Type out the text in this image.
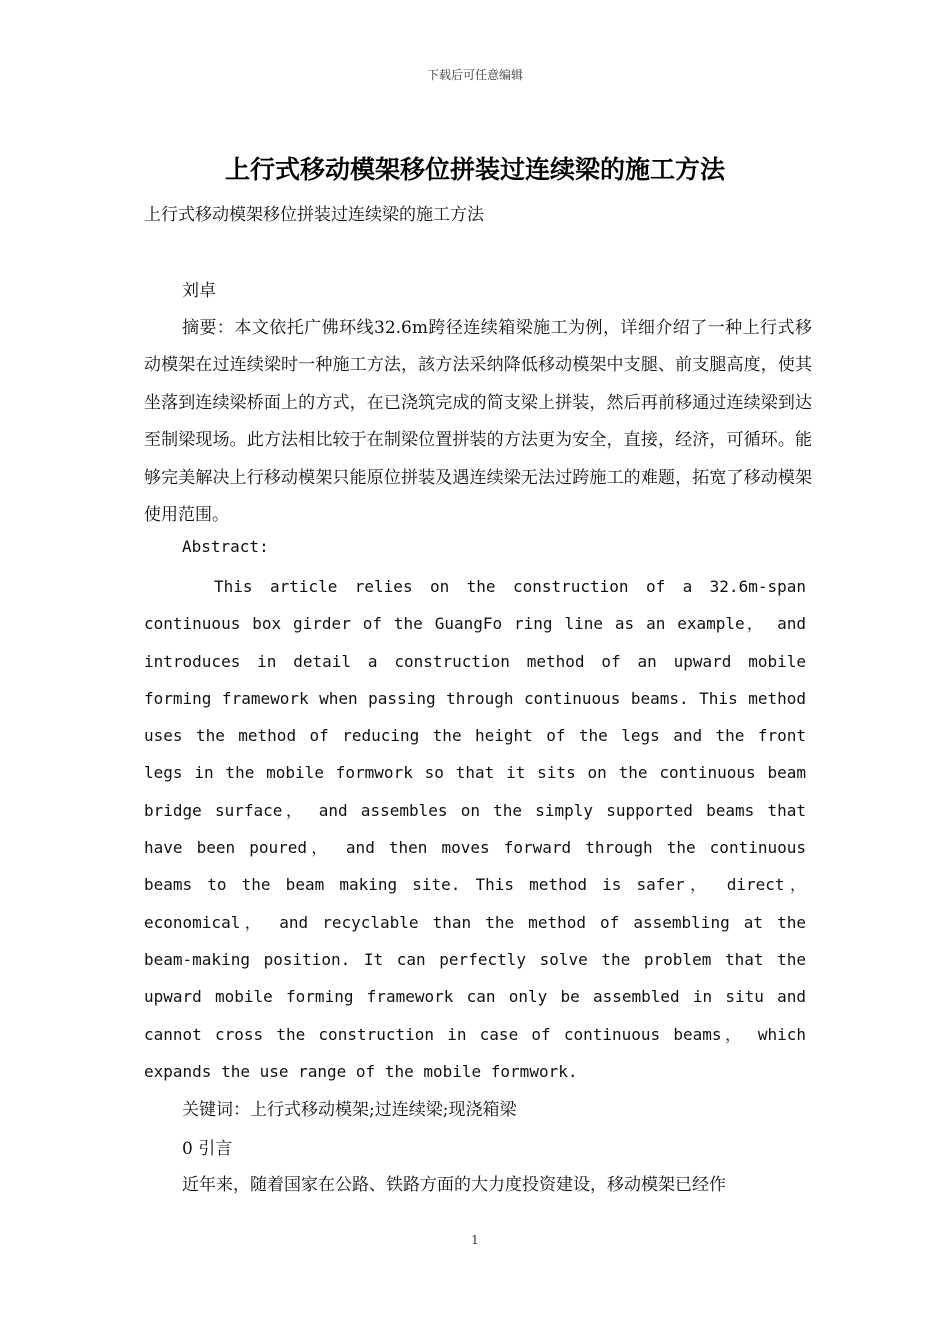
下载后可任意编辑
上行式移动模架移位拼装过连续梁的施工方法
上行式移动模架移位拼装过连续梁的施工方法
刘卓
摘要：本文依托广佛环线32.6m跨径连续箱梁施工为例，详细介绍了一种上行式移动模架在过连续梁时一种施工方法，該方法采纳降低移动模架中支腿、前支腿高度，使其坐落到连续梁桥面上的方式，在已浇筑完成的简支梁上拼装，然后再前移通过连续梁到达至制梁现场。此方法相比较于在制梁位置拼装的方法更为安全，直接，经济，可循环。能够完美解决上行移动模架只能原位拼装及遇连续梁无法过跨施工的难题，拓宽了移动模架使用范围。
Abstract:
This article relies on the construction of a 32.6m-span continuous box girder of the GuangFo ring line as an example， and introduces in detail a construction method of an upward mobile forming framework when passing through continuous beams. This method uses the method of reducing the height of the legs and the front legs in the mobile formwork so that it sits on the continuous beam bridge surface， and assembles on the simply supported beams that have been poured， and then moves forward through the continuous beams to the beam making site. This method is safer， direct， economical， and recyclable than the method of assembling at the beam-making position. It can perfectly solve the problem that the upward mobile forming framework can only be assembled in situ and cannot cross the construction in case of continuous beams， which expands the use range of the mobile formwork.
关键词：上行式移动模架;过连续梁;现浇箱梁
0 引言
近年来，随着国家在公路、铁路方面的大力度投资建设，移动模架已经作
1
